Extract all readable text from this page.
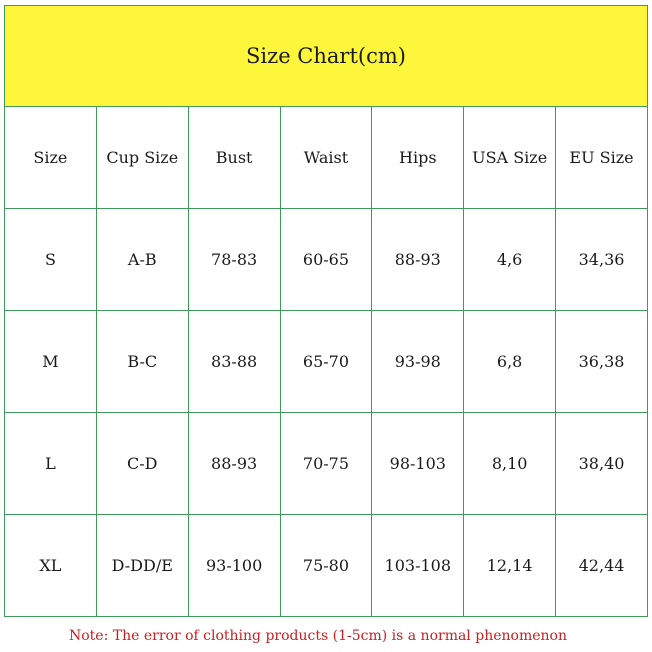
Size Chart(cm)						
Size	Cup Size	Bust	Waist	Hips	USA Size	EU Size
S	A-B	78-83	60-65	88-93	4,6	34,36
M	B-C	83-88	65-70	93-98	6,8	36,38
L	C-D	88-93	70-75	98-103	8,10	38,40
XL	D-DD/E	93-100	75-80	103-108	12,14	42,44
Note: The error of clothing products (1-5cm) is a normal phenomenon
